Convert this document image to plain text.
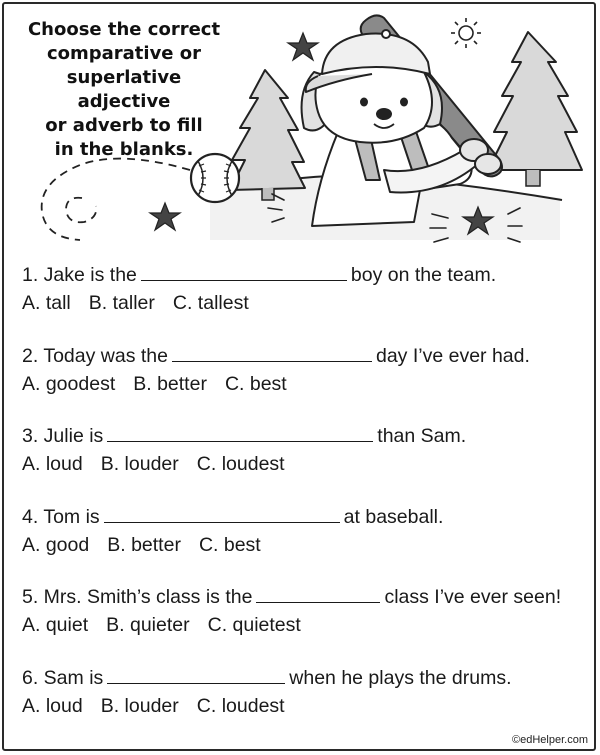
Choose the correct
comparative or
superlative adjective
or adverb to fill
in the blanks.
1. Jake is the	boy on the team.
A. tall B. taller C. tallest
2. Today was the	day I’ve ever had.
A. goodest B. better C. best
3. Julie is	than Sam.
A. loud B. louder C. loudest
4. Tom is	at baseball.
A. good B. better C. best
5. Mrs. Smith’s class is the	class I’ve ever seen!
A. quiet B. quieter C. quietest
6. Sam is	when he plays the drums.
A. loud B. louder C. loudest
©edHelper.com
